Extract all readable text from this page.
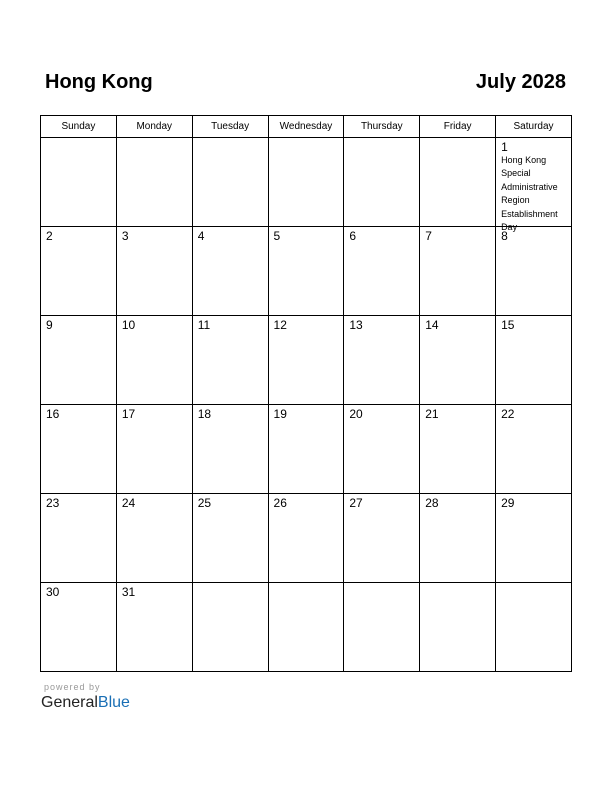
Hong Kong	July 2028
Sunday	Monday	Tuesday	Wednesday	Thursday	Friday	Saturday

						1
Hong Kong Special Administrative Region Establishment Day

2	3	4	5	6	7	8

9	10	11	12	13	14	15

16	17	18	19	20	21	22

23	24	25	26	27	28	29

30	31					

powered by
GeneralBlue
